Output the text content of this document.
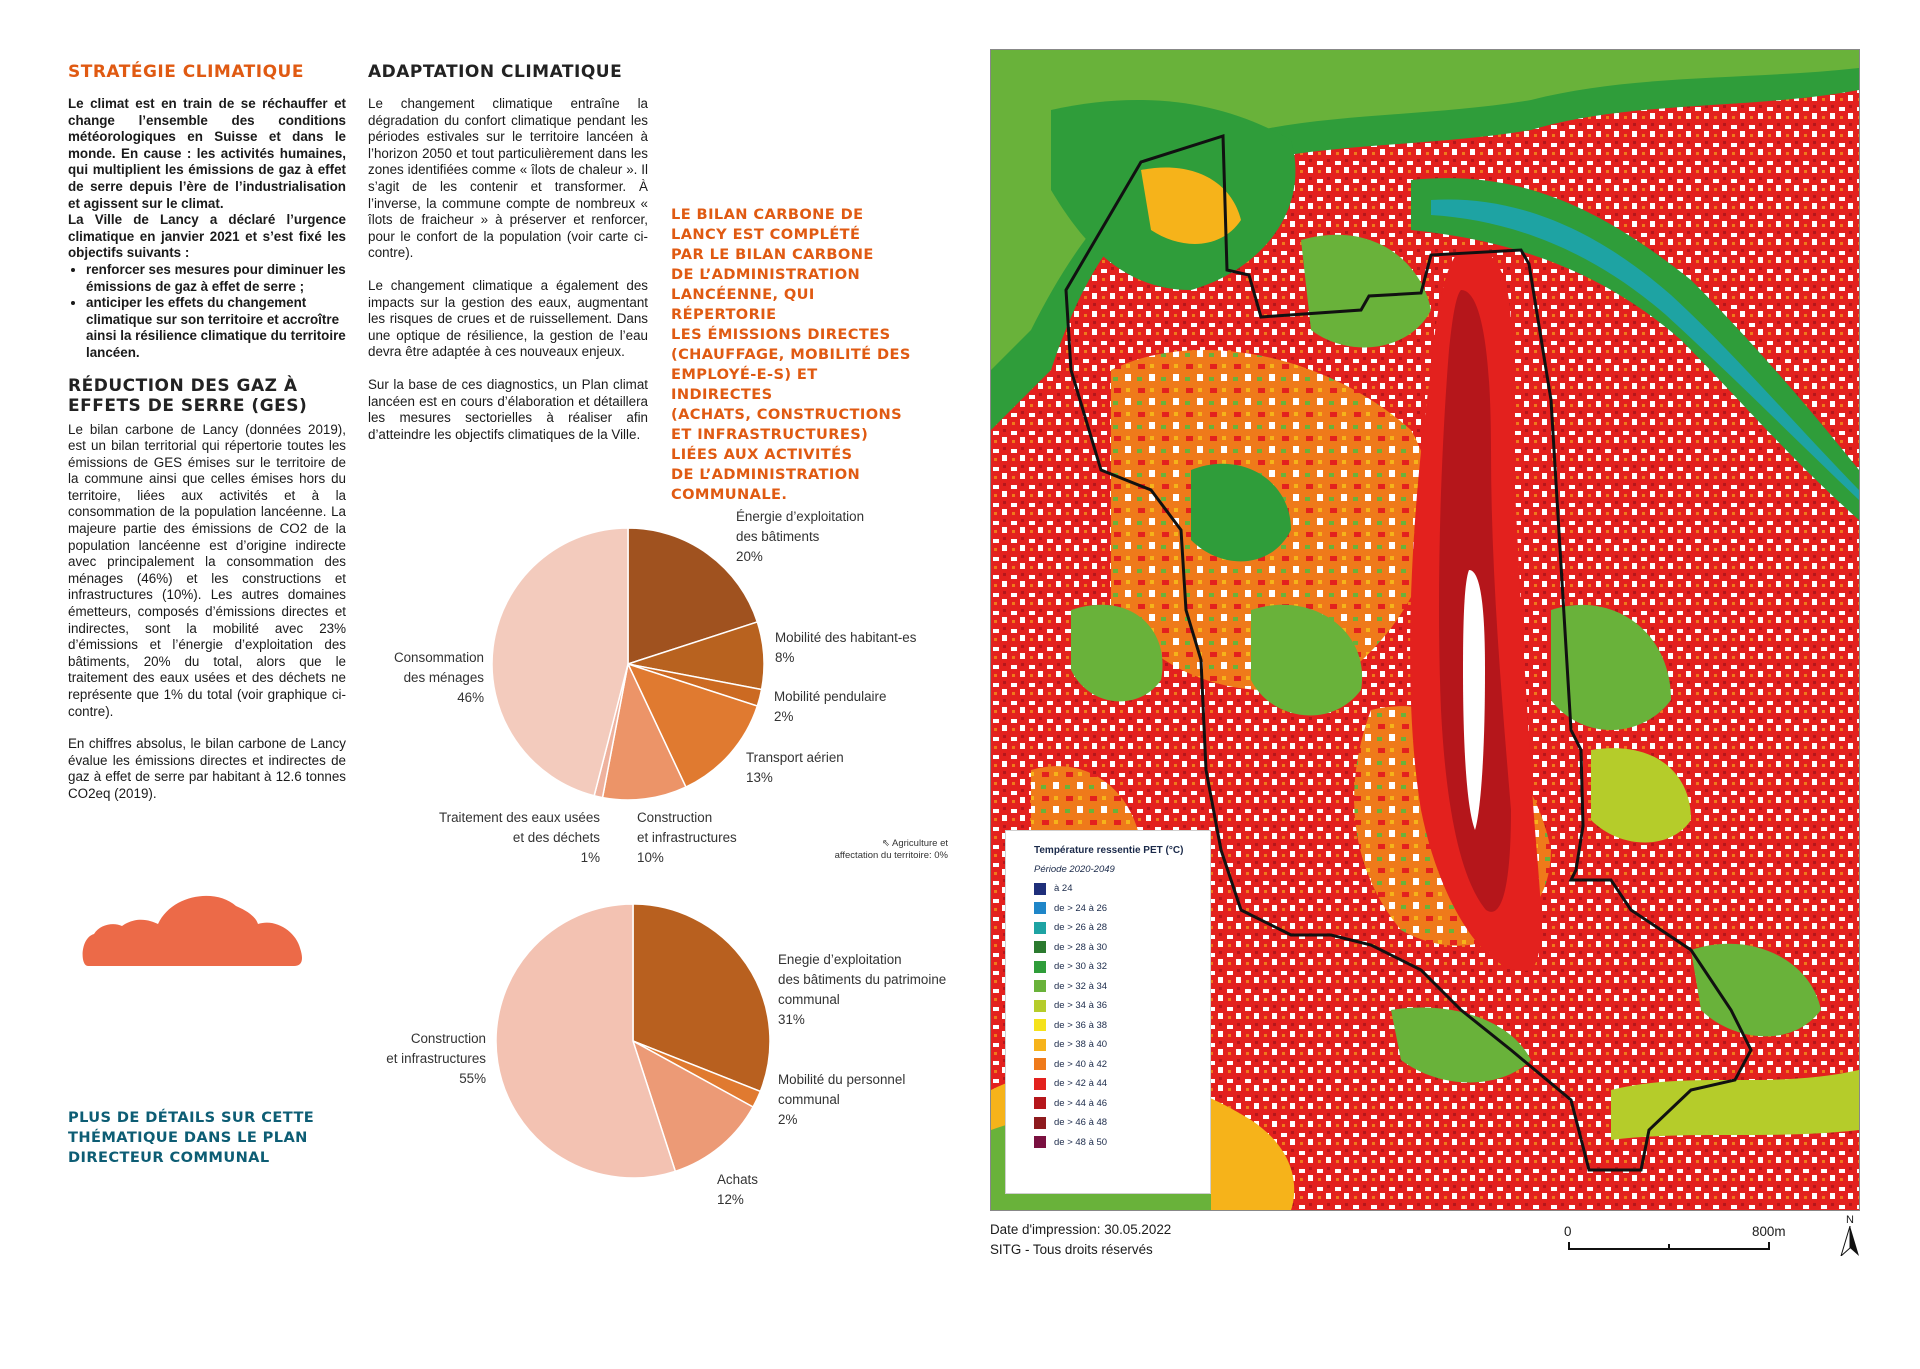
STRATÉGIE CLIMATIQUE

Le climat est en train de se réchauffer et change l’ensemble des conditions météorologiques en Suisse et dans le monde. En cause : les activités humaines, qui multiplient les émissions de gaz à effet de serre depuis l’ère de l’industrialisation et agissent sur le climat.

La Ville de Lancy a déclaré l’urgence climatique en janvier 2021 et s’est fixé les objectifs suivants :

• renforcer ses mesures pour diminuer les émissions de gaz à effet de serre ;
• anticiper les effets du changement climatique sur son territoire et accroître ainsi la résilience climatique du territoire lancéen.
RÉDUCTION DES GAZ À EFFETS DE SERRE (GES)

Le bilan carbone de Lancy (données 2019), est un bilan territorial qui répertorie toutes les émissions de GES émises sur le territoire de la commune ainsi que celles émises hors du territoire, liées aux activités et à la consommation de la population lancéenne. La majeure partie des émissions de CO2 de la population lancéenne est d’origine indirecte avec principalement la consommation des ménages (46%) et les constructions et infrastructures (10%). Les autres domaines émetteurs, composés d’émissions directes et indirectes, sont la mobilité avec 23% d’émissions et l’énergie d’exploitation des bâtiments, 20% du total, alors que le traitement des eaux usées et des déchets ne représente que 1% du total (voir graphique ci-contre).

En chiffres absolus, le bilan carbone de Lancy évalue les émissions directes et indirectes de gaz à effet de serre par habitant à 12.6 tonnes CO2eq (2019).

PLUS DE DÉTAILS SUR CETTE THÉMATIQUE DANS LE PLAN DIRECTEUR COMMUNAL
ADAPTATION CLIMATIQUE

Le changement climatique entraîne la dégradation du confort climatique pendant les périodes estivales sur le territoire lancéen à l’horizon 2050 et tout particulièrement dans les zones identifiées comme « îlots de chaleur ». Il s’agit de les contenir et transformer. À l’inverse, la commune compte de nombreux « îlots de fraicheur » à préserver et renforcer, pour le confort de la population (voir carte ci-contre).

Le changement climatique a également des impacts sur la gestion des eaux, augmentant les risques de crues et de ruissellement. Dans une optique de résilience, la gestion de l’eau devra être adaptée à ces nouveaux enjeux.

Sur la base de ces diagnostics, un Plan climat lancéen est en cours d’élaboration et détaillera les mesures sectorielles à réaliser afin d’atteindre les objectifs climatiques de la Ville.

LE BILAN CARBONE DE
LANCY EST COMPLÉTÉ
PAR LE BILAN CARBONE
DE L’ADMINISTRATION
LANCÉENNE, QUI RÉPERTORIE
LES ÉMISSIONS DIRECTES
(CHAUFFAGE, MOBILITÉ DES
EMPLOYÉ-E-S) ET INDIRECTES
(ACHATS, CONSTRUCTIONS
ET INFRASTRUCTURES)
LIÉES AUX ACTIVITÉS
DE L’ADMINISTRATION
COMMUNALE.
Énergie d’exploitation
des bâtiments
20%
Mobilité des habitant-es
8%
Mobilité pendulaire
2%
Transport aérien
13%
Construction
et infrastructures
10%
Traitement des eaux usées
et des déchets
1%
Consommation
des ménages
46%
⇖ Agriculture et
affectation du territoire: 0%
Enegie d’exploitation
des bâtiments du patrimoine
communal
31%
Mobilité du personnel
communal
2%
Achats
12%
Construction
et infrastructures
55%
Température ressentie PET (°C)
Période 2020-2049
à 24
de > 24 à 26
de > 26 à 28
de > 28 à 30
de > 30 à 32
de > 32 à 34
de > 34 à 36
de > 36 à 38
de > 38 à 40
de > 40 à 42
de > 42 à 44
de > 44 à 46
de > 46 à 48
de > 48 à 50
Date d'impression: 30.05.2022
SITG - Tous droits réservés
0	800m
N
